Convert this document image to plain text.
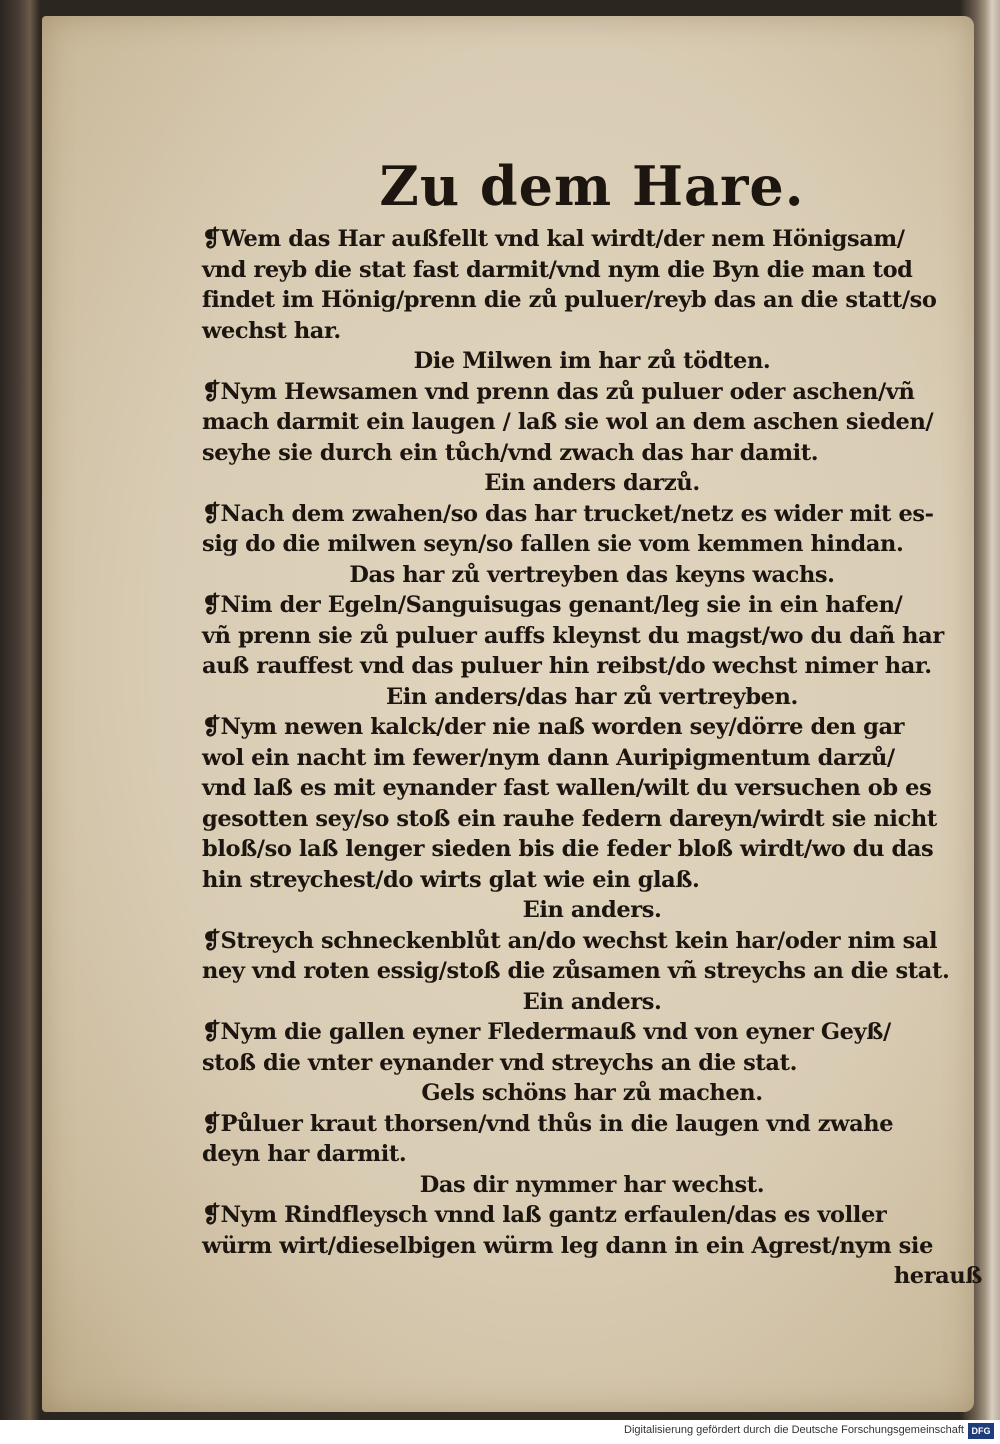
Zu dem Hare.
❡Wem das Har außfellt vnd kal wirdt/der nem Hönigsam/
vnd reyb die stat fast darmit/vnd nym die Byn die man tod
findet im Hönig/prenn die zů puluer/reyb das an die statt/so
wechst har.
Die Milwen im har zů tödten.
❡Nym Hewsamen vnd prenn das zů puluer oder aschen/vñ
mach darmit ein laugen / laß sie wol an dem aschen sieden/
seyhe sie durch ein tůch/vnd zwach das har damit.
Ein anders darzů.
❡Nach dem zwahen/so das har trucket/netz es wider mit es-
sig do die milwen seyn/so fallen sie vom kemmen hindan.
Das har zů vertreyben das keyns wachs.
❡Nim der Egeln/Sanguisugas genant/leg sie in ein hafen/
vñ prenn sie zů puluer auffs kleynst du magst/wo du dañ har
auß rauffest vnd das puluer hin reibst/do wechst nimer har.
Ein anders/das har zů vertreyben.
❡Nym newen kalck/der nie naß worden sey/dörre den gar
wol ein nacht im fewer/nym dann Auripigmentum darzů/
vnd laß es mit eynander fast wallen/wilt du versuchen ob es
gesotten sey/so stoß ein rauhe federn dareyn/wirdt sie nicht
bloß/so laß lenger sieden bis die feder bloß wirdt/wo du das
hin streychest/do wirts glat wie ein glaß.
Ein anders.
❡Streych schneckenblůt an/do wechst kein har/oder nim sal
ney vnd roten essig/stoß die zůsamen vñ streychs an die stat.
Ein anders.
❡Nym die gallen eyner Fledermauß vnd von eyner Geyß/
stoß die vnter eynander vnd streychs an die stat.
Gels schöns har zů machen.
❡Půluer kraut thorsen/vnd thůs in die laugen vnd zwahe
deyn har darmit.
Das dir nymmer har wechst.
❡Nym Rindfleysch vnnd laß gantz erfaulen/das es voller
würm wirt/dieselbigen würm leg dann in ein Agrest/nym sie
herauß
Digitalisierung gefördert durch die Deutsche Forschungsgemeinschaft DFG
